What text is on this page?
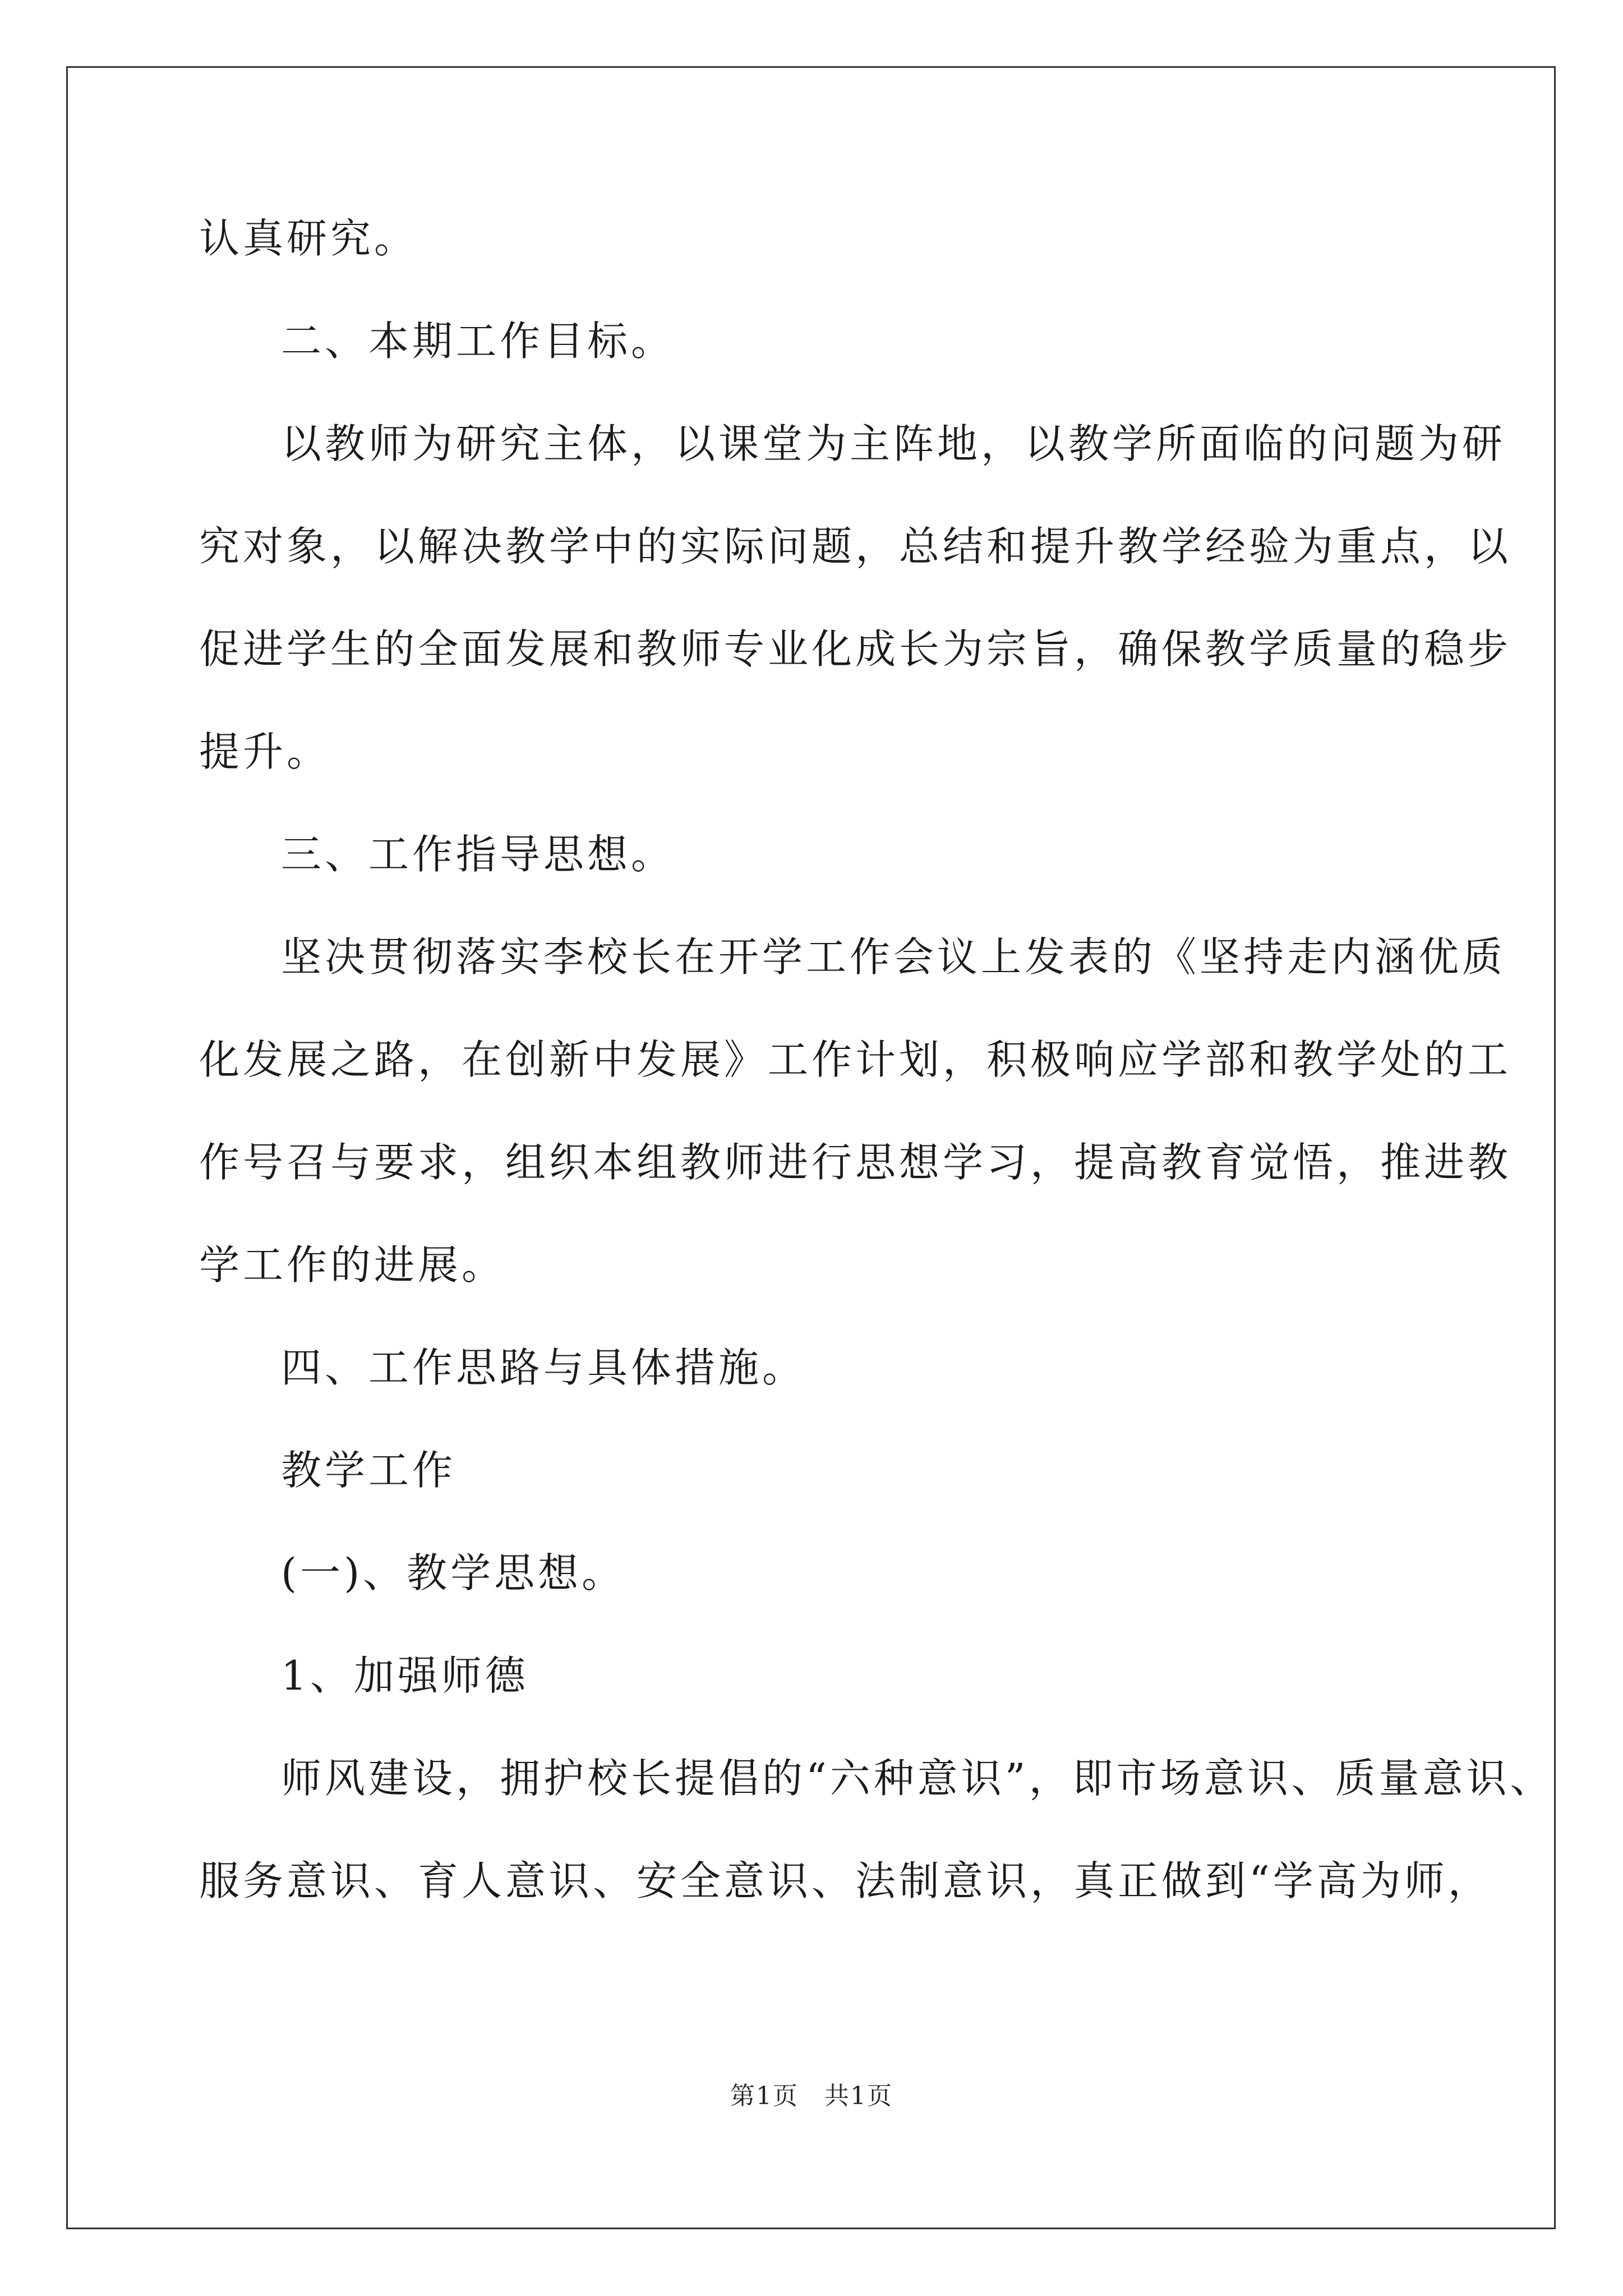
认真研究。
二、本期工作目标。
以教师为研究主体，以课堂为主阵地，以教学所面临的问题为研
究对象，以解决教学中的实际问题，总结和提升教学经验为重点，以
促进学生的全面发展和教师专业化成长为宗旨，确保教学质量的稳步
提升。
三、工作指导思想。
坚决贯彻落实李校长在开学工作会议上发表的《坚持走内涵优质
化发展之路，在创新中发展》工作计划，积极响应学部和教学处的工
作号召与要求，组织本组教师进行思想学习，提高教育觉悟，推进教
学工作的进展。
四、工作思路与具体措施。
教学工作
(一)、教学思想。
1、加强师德
师风建设，拥护校长提倡的“六种意识”，即市场意识、质量意识、
服务意识、育人意识、安全意识、法制意识，真正做到“学高为师，
第1页　共1页
